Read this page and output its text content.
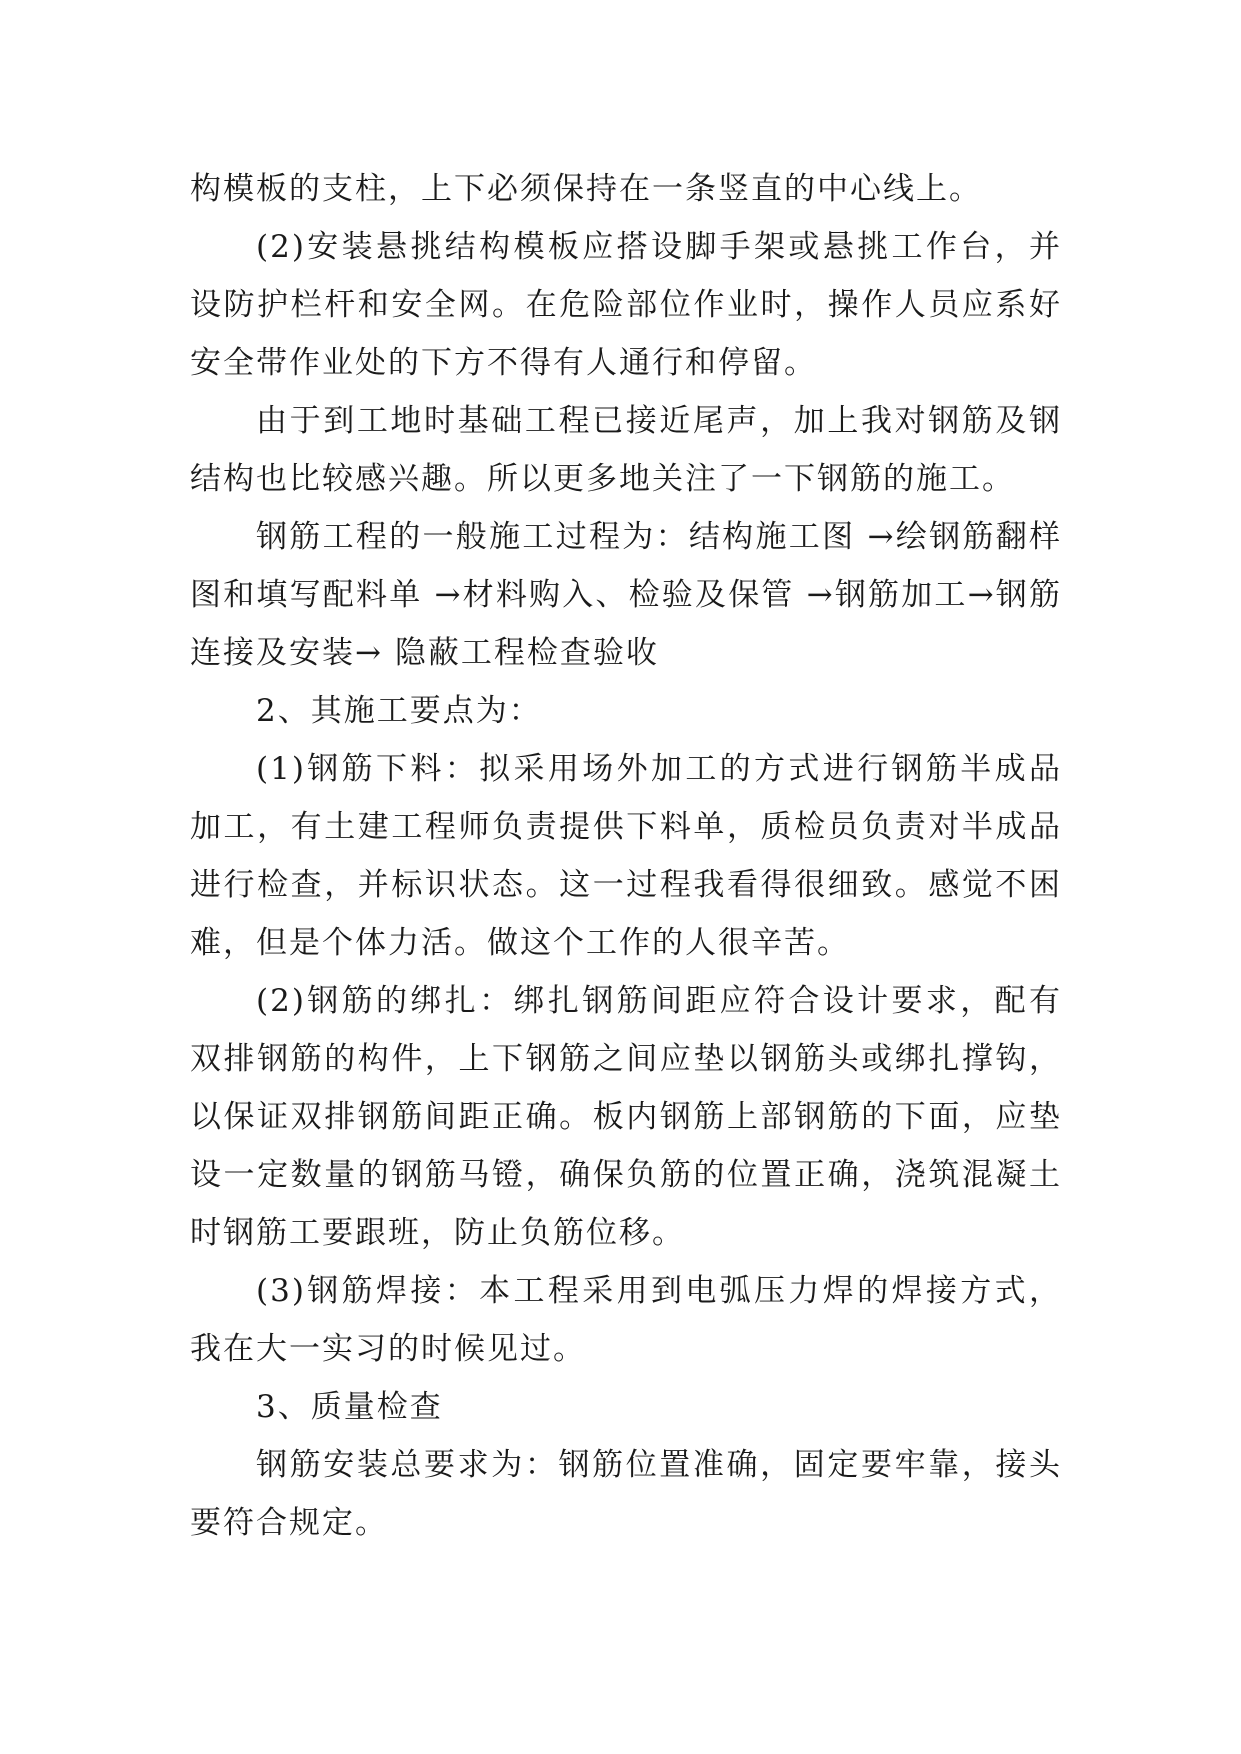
构模板的支柱，上下必须保持在一条竖直的中心线上。

(2)安装悬挑结构模板应搭设脚手架或悬挑工作台，并设防护栏杆和安全网。在危险部位作业时，操作人员应系好安全带作业处的下方不得有人通行和停留。

由于到工地时基础工程已接近尾声，加上我对钢筋及钢结构也比较感兴趣。所以更多地关注了一下钢筋的施工。

钢筋工程的一般施工过程为：结构施工图 →绘钢筋翻样图和填写配料单 →材料购入、检验及保管 →钢筋加工→钢筋连接及安装→ 隐蔽工程检查验收

2、其施工要点为：

(1)钢筋下料：拟采用场外加工的方式进行钢筋半成品加工，有土建工程师负责提供下料单，质检员负责对半成品进行检查，并标识状态。这一过程我看得很细致。感觉不困难，但是个体力活。做这个工作的人很辛苦。

(2)钢筋的绑扎：绑扎钢筋间距应符合设计要求，配有双排钢筋的构件，上下钢筋之间应垫以钢筋头或绑扎撑钩，以保证双排钢筋间距正确。板内钢筋上部钢筋的下面，应垫设一定数量的钢筋马镫，确保负筋的位置正确，浇筑混凝土时钢筋工要跟班，防止负筋位移。

(3)钢筋焊接：本工程采用到电弧压力焊的焊接方式，我在大一实习的时候见过。

3、质量检查

钢筋安装总要求为：钢筋位置准确，固定要牢靠，接头要符合规定。
